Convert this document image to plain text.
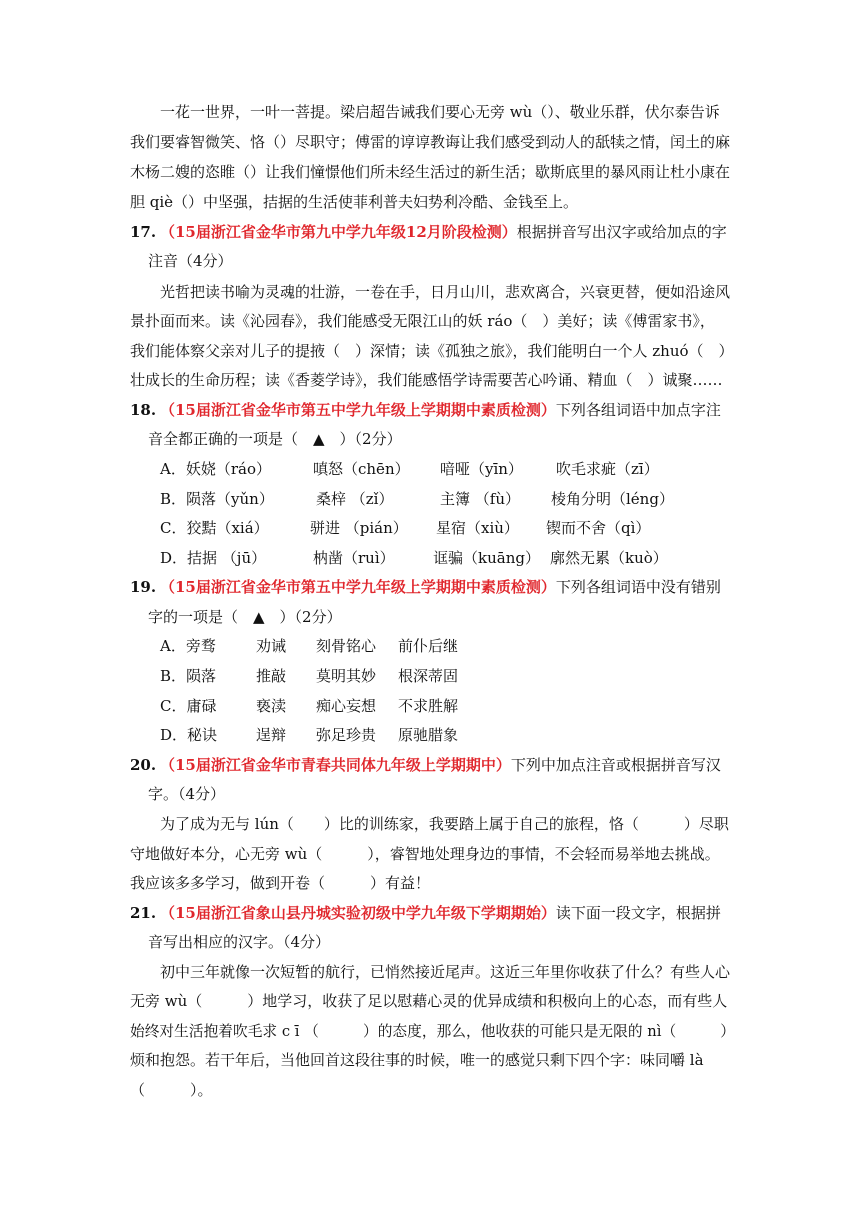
一花一世界，一叶一菩提。梁启超告诫我们要心无旁 wù（）、敬业乐群，伏尔泰告诉
我们要睿智微笑、恪（）尽职守；傅雷的谆谆教诲让我们感受到动人的舐犊之情，闰土的麻
木杨二嫂的恣睢（）让我们憧憬他们所未经生活过的新生活；歇斯底里的暴风雨让杜小康在
胆 qiè（）中坚强，拮据的生活使菲利普夫妇势利冷酷、金钱至上。
17. （15届浙江省金华市第九中学九年级12月阶段检测）根据拼音写出汉字或给加点的字
注音（4分）
光哲把读书喻为灵魂的壮游，一卷在手，日月山川，悲欢离合，兴衰更替，便如沿途风
景扑面而来。读《沁园春》，我们能感受无限江山的妖 ráo（　）美好；读《傅雷家书》，
我们能体察父亲对儿子的提掖（　）深情；读《孤独之旅》，我们能明白一个人 zhuó（　）
壮成长的生命历程；读《香菱学诗》，我们能感悟学诗需要苦心吟诵、精血（　）诚聚……
18. （15届浙江省金华市第五中学九年级上学期期中素质检测）下列各组词语中加点字注
音全都正确的一项是（　▲　）（2分）
A．妖娆（ráo）	嗔怒（chēn） 喑哑（yīn） 吹毛求疵（zī）
B．陨落（yǔn）	桑梓 （zǐ）	主簿 （fù） 棱角分明（léng）
C．狡黠（xiá）	骈进 （pián） 星宿（xiù） 锲而不舍（qì）
D．拮据 （jū）	枘凿（ruì）	诓骗（kuāng） 廓然无累（kuò）
19. （15届浙江省金华市第五中学九年级上学期期中素质检测）下列各组词语中没有错别
字的一项是（　▲　）（2分）
A．旁骛	劝诫 刻骨铭心 前仆后继
B．陨落	推敲 莫明其妙 根深蒂固
C．庸碌	亵渎 痴心妄想 不求胜解
D．秘诀	逞辩 弥足珍贵 原驰腊象
20. （15届浙江省金华市青春共同体九年级上学期期中）下列中加点注音或根据拼音写汉
字。（4分）
为了成为无与 lún（　　）比的训练家，我要踏上属于自己的旅程，恪（　　　）尽职
守地做好本分，心无旁 wù（　　　），睿智地处理身边的事情，不会轻而易举地去挑战。
我应该多多学习，做到开卷（　　　）有益！
21. （15届浙江省象山县丹城实验初级中学九年级下学期期始）读下面一段文字，根据拼
音写出相应的汉字。（4分）
初中三年就像一次短暂的航行，已悄然接近尾声。这近三年里你收获了什么？有些人心
无旁 wù（　　　）地学习，收获了足以慰藉心灵的优异成绩和积极向上的心态，而有些人
始终对生活抱着吹毛求 c ī （　　　）的态度，那么，他收获的可能只是无限的 nì（　　　）
烦和抱怨。若干年后，当他回首这段往事的时候，唯一的感觉只剩下四个字：味同嚼 là
（　　　）。
